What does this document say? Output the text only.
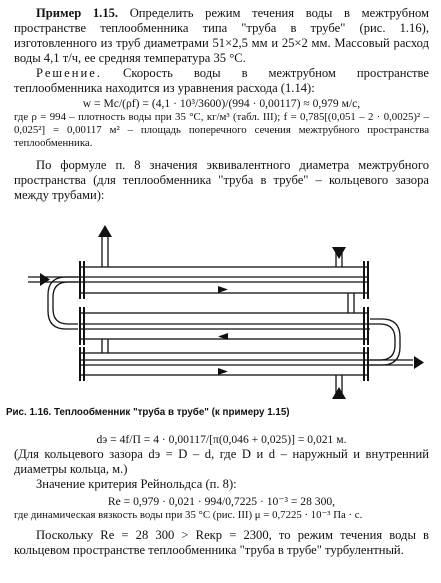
Пример 1.15. Определить режим течения воды в межтрубном пространстве теплообменника типа "труба в трубе" (рис. 1.16), изготовленного из труб диаметрами 51×2,5 мм и 25×2 мм. Массовый расход воды 4,1 т/ч, ее средняя температура 35 °С.

Решение. Скорость воды в межтрубном пространстве теплообменника находится из уравнения расхода (1.14):

w = Mc/(ρf) = (4,1 · 10³/3600)/(994 · 0,00117) ≈ 0,979 м/с,

где ρ = 994 – плотность воды при 35 °С, кг/м³ (табл. III); f = 0,785[(0,051 – 2 · 0,0025)² – 0,025²] = 0,00117 м² – площадь поперечного сечения межтрубного пространства теплообменника.

По формуле п. 8 значения эквивалентного диаметра межтрубного пространства (для теплообменника "труба в трубе" – кольцевого зазора между трубами):

Рис. 1.16. Теплообменник "труба в трубе" (к примеру 1.15)

dэ = 4f/П = 4 · 0,00117/[π(0,046 + 0,025)] = 0,021 м.

(Для кольцевого зазора dэ = D – d, где D и d – наружный и внутренний диаметры кольца, м.)

Значение критерия Рейнольдса (п. 8):

Re = 0,979 · 0,021 · 994/0,7225 · 10⁻³ = 28 300,

где динамическая вязкость воды при 35 °С (рис. III) μ = 0,7225 · 10⁻³ Па · с.

Поскольку Re = 28 300 > Reкр = 2300, то режим течения воды в кольцевом пространстве теплообменника "труба в трубе" турбулентный.
